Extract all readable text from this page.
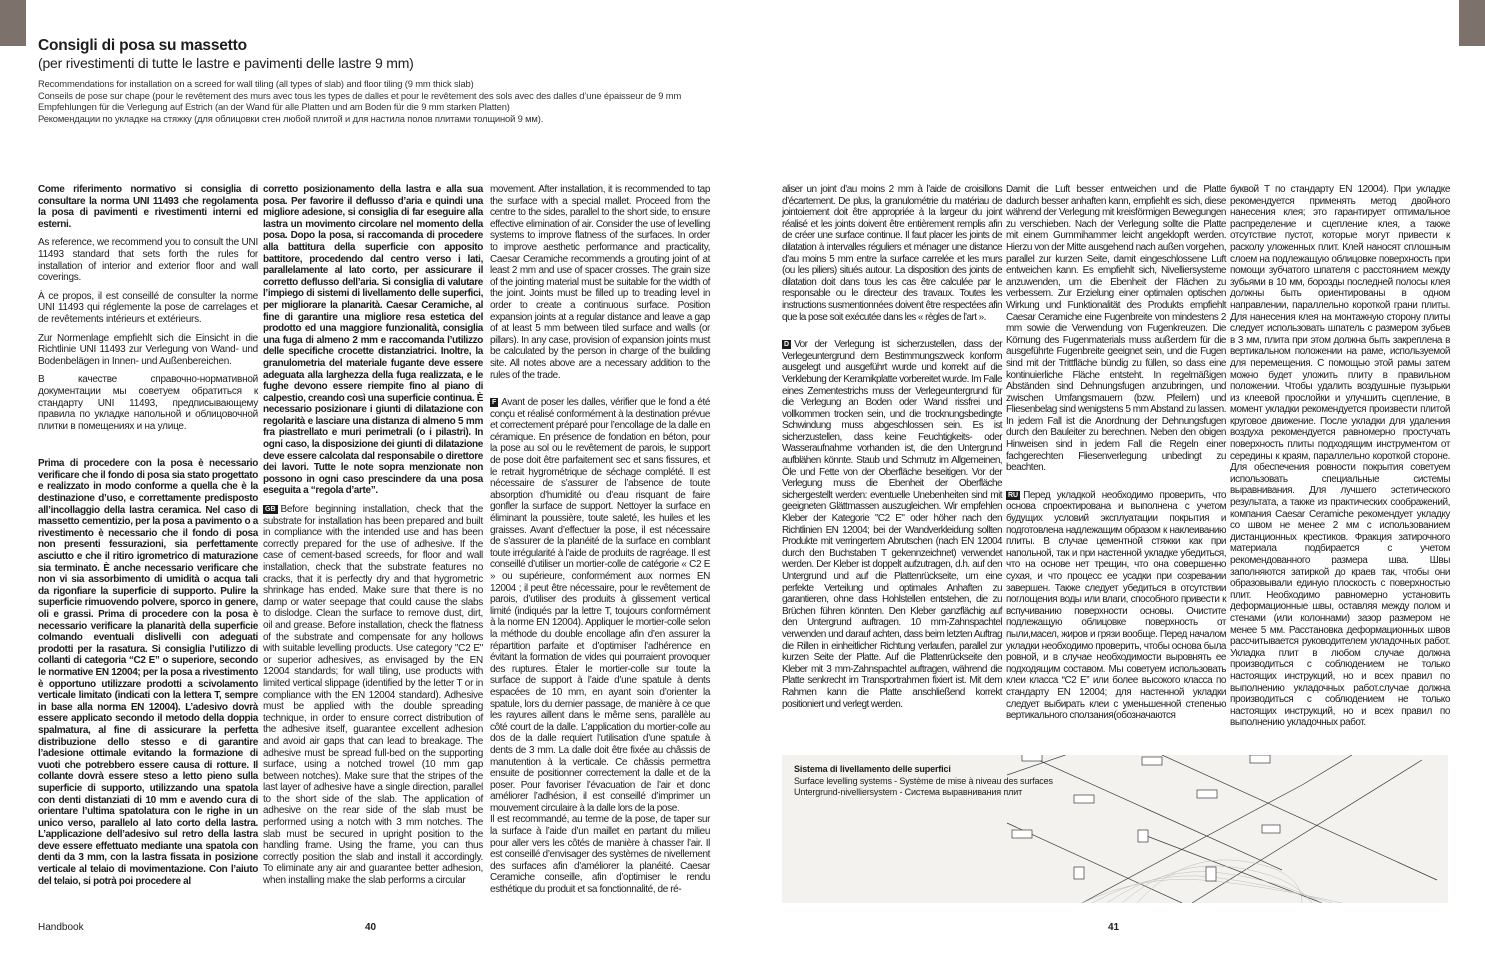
Consigli di posa su massetto
(per rivestimenti di tutte le lastre e pavimenti delle lastre 9 mm)
Recommendations for installation on a screed for wall tiling (all types of slab) and floor tiling (9 mm thick slab)
Conseils de pose sur chape (pour le revêtement des murs avec tous les types de dalles et pour le revêtement des sols avec des dalles d’une épaisseur de 9 mm
Empfehlungen für die Verlegung auf Estrich (an der Wand für alle Platten und am Boden für die 9 mm starken Platten)
Рекомендации по укладке на стяжку (для облицовки стен любой плитой и для настила полов плитами толщиной 9 мм).

Come riferimento normativo si consiglia di consultare la norma UNI 11493 che regolamenta la posa di pavimenti e rivestimenti interni ed esterni.

As reference, we recommend you to consult the UNI 11493 standard that sets forth the rules for installation of interior and exterior floor and wall coverings.

À ce propos, il est conseillé de consulter la norme UNI 11493 qui réglemente la pose de carrelages et de revêtements intérieurs et extérieurs.

Zur Normenlage empfiehlt sich die Einsicht in die Richtlinie UNI 11493 zur Verlegung von Wand- und Bodenbelägen in Innen- und Außenbereichen.

В качестве справочно-нормативной документации мы советуем обратиться к стандарту UNI 11493, предписывающему правила по укладке напольной и облицовочной плитки в помещениях и на улице.

Prima di procedere con la posa è necessario verificare che il fondo di posa sia stato progettato e realizzato in modo conforme a quella che è la destinazione d’uso, e correttamente predisposto all’incollaggio della lastra ceramica. Nel caso di massetto cementizio, per la posa a pavimento o a rivestimento è necessario che il fondo di posa non presenti fessurazioni, sia perfettamente asciutto e che il ritiro igrometrico di maturazione sia terminato. È anche necessario verificare che non vi sia assorbimento di umidità o acqua tali da rigonfiare la superficie di supporto. Pulire la superficie rimuovendo polvere, sporco in genere, oli e grassi. Prima di procedere con la posa è necessario verificare la planarità della superficie colmando eventuali dislivelli con adeguati prodotti per la rasatura. Si consiglia l’utilizzo di collanti di categoria “C2 E” o superiore, secondo le normative EN 12004; per la posa a rivestimento è opportuno utilizzare prodotti a scivolamento verticale limitato (indicati con la lettera T, sempre in base alla norma EN 12004). L’adesivo dovrà essere applicato secondo il metodo della doppia spalmatura, al fine di assicurare la perfetta distribuzione dello stesso e di garantire l’adesione ottimale evitando la formazione di vuoti che potrebbero essere causa di rotture. Il collante dovrà essere steso a letto pieno sulla superficie di supporto, utilizzando una spatola con denti distanziati di 10 mm e avendo cura di orientare l’ultima spatolatura con le righe in un unico verso, parallelo al lato corto della lastra. L’applicazione dell’adesivo sul retro della lastra deve essere effettuato mediante una spatola con denti da 3 mm, con la lastra fissata in posizione verticale al telaio di movimentazione. Con l’aiuto del telaio, si potrà poi procedere al

corretto posizionamento della lastra e alla sua posa. Per favorire il deflusso d’aria e quindi una migliore adesione, si consiglia di far eseguire alla lastra un movimento circolare nel momento della posa. Dopo la posa, si raccomanda di procedere alla battitura della superficie con apposito battitore, procedendo dal centro verso i lati, parallelamente al lato corto, per assicurare il corretto deflusso dell’aria. Si consiglia di valutare l’impiego di sistemi di livellamento delle superfici, per migliorare la planarità. Caesar Ceramiche, al fine di garantire una migliore resa estetica del prodotto ed una maggiore funzionalità, consiglia una fuga di almeno 2 mm e raccomanda l’utilizzo delle specifiche crocette distanziatrici. Inoltre, la granulometria del materiale fugante deve essere adeguata alla larghezza della fuga realizzata, e le fughe devono essere riempite fino al piano di calpestio, creando così una superficie continua. È necessario posizionare i giunti di dilatazione con regolarità e lasciare una distanza di almeno 5 mm fra piastrellato e muri perimetrali (o i pilastri). In ogni caso, la disposizione dei giunti di dilatazione deve essere calcolata dal responsabile o direttore dei lavori. Tutte le note sopra menzionate non possono in ogni caso prescindere da una posa eseguita a “regola d’arte”.

GB Before beginning installation, check that the substrate for installation has been prepared and built in compliance with the intended use and has been correctly prepared for the use of adhesive. If the case of cement-based screeds, for floor and wall installation, check that the substrate features no cracks, that it is perfectly dry and that hygrometric shrinkage has ended. Make sure that there is no damp or water seepage that could cause the slabs to dislodge. Clean the surface to remove dust, dirt, oil and grease. Before installation, check the flatness of the substrate and compensate for any hollows with suitable levelling products. Use category "C2 E" or superior adhesives, as envisaged by the EN 12004 standards; for wall tiling, use products with limited vertical slippage (identified by the letter T or in compliance with the EN 12004 standard). Adhesive must be applied with the double spreading technique, in order to ensure correct distribution of the adhesive itself, guarantee excellent adhesion and avoid air gaps that can lead to breakage. The adhesive must be spread full-bed on the supporting surface, using a notched trowel (10 mm gap between notches). Make sure that the stripes of the last layer of adhesive have a single direction, parallel to the short side of the slab. The application of adhesive on the rear side of the slab must be performed using a notch with 3 mm notches. The slab must be secured in upright position to the handling frame. Using the frame, you can thus correctly position the slab and install it accordingly. To eliminate any air and guarantee better adhesion, when installing make the slab performs a circular

movement. After installation, it is recommended to tap the surface with a special mallet. Proceed from the centre to the sides, parallel to the short side, to ensure effective elimination of air. Consider the use of levelling systems to improve flatness of the surfaces. In order to improve aesthetic performance and practicality, Caesar Ceramiche recommends a grouting joint of at least 2 mm and use of spacer crosses. The grain size of the jointing material must be suitable for the width of the joint. Joints must be filled up to treading level in order to create a continuous surface. Position expansion joints at a regular distance and leave a gap of at least 5 mm between tiled surface and walls (or pillars). In any case, provision of expansion joints must be calculated by the person in charge of the building site. All notes above are a necessary addition to the rules of the trade.

F Avant de poser les dalles, vérifier que le fond a été conçu et réalisé conformément à la destination prévue et correctement préparé pour l’encollage de la dalle en céramique. En présence de fondation en béton, pour la pose au sol ou le revêtement de parois, le support de pose doit être parfaitement sec et sans fissures, et le retrait hygrométrique de séchage complété. Il est nécessaire de s’assurer de l’absence de toute absorption d’humidité ou d’eau risquant de faire gonfler la surface de support. Nettoyer la surface en éliminant la poussière, toute saleté, les huiles et les graisses. Avant d’effectuer la pose, il est nécessaire de s’assurer de la planéité de la surface en comblant toute irrégularité à l’aide de produits de ragréage. Il est conseillé d’utiliser un mortier-colle de catégorie « C2 E » ou supérieure, conformément aux normes EN 12004 ; il peut être nécessaire, pour le revêtement de parois, d’utiliser des produits à glissement vertical limité (indiqués par la lettre T, toujours conformément à la norme EN 12004). Appliquer le mortier-colle selon la méthode du double encollage afin d’en assurer la répartition parfaite et d’optimiser l’adhérence en évitant la formation de vides qui pourraient provoquer des ruptures. Étaler le mortier-colle sur toute la surface de support à l’aide d’une spatule à dents espacées de 10 mm, en ayant soin d’orienter la spatule, lors du dernier passage, de manière à ce que les rayures aillent dans le même sens, parallèle au côté court de la dalle. L’application du mortier-colle au dos de la dalle requiert l’utilisation d’une spatule à dents de 3 mm. La dalle doit être fixée au châssis de manutention à la verticale. Ce châssis permettra ensuite de positionner correctement la dalle et de la poser. Pour favoriser l’évacuation de l’air et donc améliorer l’adhésion, il est conseillé d’imprimer un mouvement circulaire à la dalle lors de la pose.

Il est recommandé, au terme de la pose, de taper sur la surface à l’aide d’un maillet en partant du milieu pour aller vers les côtés de manière à chasser l’air. Il est conseillé d’envisager des systèmes de nivellement des surfaces afin d’améliorer la planéité. Caesar Ceramiche conseille, afin d’optimiser le rendu esthétique du produit et sa fonctionnalité, de ré-

aliser un joint d’au moins 2 mm à l’aide de croisillons d’écartement. De plus, la granulométrie du matériau de jointoiement doit être appropriée à la largeur du joint réalisé et les joints doivent être entièrement remplis afin de créer une surface continue. Il faut placer les joints de dilatation à intervalles réguliers et ménager une distance d’au moins 5 mm entre la surface carrelée et les murs (ou les piliers) situés autour. La disposition des joints de dilatation doit dans tous les cas être calculée par le responsable ou le directeur des travaux. Toutes les instructions susmentionnées doivent être respectées afin que la pose soit exécutée dans les « règles de l’art ».

D Vor der Verlegung ist sicherzustellen, dass der Verlegeuntergrund dem Bestimmungszweck konform ausgelegt und ausgeführt wurde und korrekt auf die Verklebung der Keramikplatte vorbereitet wurde. Im Falle eines Zementestrichs muss der Verlegeuntergrund für die Verlegung an Boden oder Wand rissfrei und vollkommen trocken sein, und die trocknungsbedingte Schwindung muss abgeschlossen sein. Es ist sicherzustellen, dass keine Feuchtigkeits- oder Wasseraufnahme vorhanden ist, die den Untergrund aufblähen könnte. Staub und Schmutz im Allgemeinen, Öle und Fette von der Oberfläche beseitigen. Vor der Verlegung muss die Ebenheit der Oberfläche sichergestellt werden: eventuelle Unebenheiten sind mit geeigneten Glättmassen auszugleichen. Wir empfehlen Kleber der Kategorie "C2 E" oder höher nach den Richtlinien EN 12004; bei der Wandverkleidung sollten Produkte mit verringertem Abrutschen (nach EN 12004 durch den Buchstaben T gekennzeichnet) verwendet werden. Der Kleber ist doppelt aufzutragen, d.h. auf den Untergrund und auf die Plattenrückseite, um eine perfekte Verteilung und optimales Anhaften zu garantieren, ohne dass Hohlstellen entstehen, die zu Brüchen führen könnten. Den Kleber ganzflächig auf den Untergrund auftragen. 10 mm-Zahnspachtel verwenden und darauf achten, dass beim letzten Auftrag die Rillen in einheitlicher Richtung verlaufen, parallel zur kurzen Seite der Platte. Auf die Plattenrückseite den Kleber mit 3 mm-Zahnspachtel auftragen, während die Platte senkrecht im Transportrahmen fixiert ist. Mit dem Rahmen kann die Platte anschließend korrekt positioniert und verlegt werden.

Damit die Luft besser entweichen und die Platte dadurch besser anhaften kann, empfiehlt es sich, diese während der Verlegung mit kreisförmigen Bewegungen zu verschieben. Nach der Verlegung sollte die Platte mit einem Gummihammer leicht angeklopft werden. Hierzu von der Mitte ausgehend nach außen vorgehen, parallel zur kurzen Seite, damit eingeschlossene Luft entweichen kann. Es empfiehlt sich, Nivelliersysteme anzuwenden, um die Ebenheit der Flächen zu verbessern. Zur Erzielung einer optimalen optischen Wirkung und Funktionalität des Produkts empfiehlt Caesar Ceramiche eine Fugenbreite von mindestens 2 mm sowie die Verwendung von Fugenkreuzen. Die Körnung des Fugenmaterials muss außerdem für die ausgeführte Fugenbreite geeignet sein, und die Fugen sind mit der Trittfläche bündig zu füllen, so dass eine kontinuierliche Fläche entsteht. In regelmäßigen Abständen sind Dehnungsfugen anzubringen, und zwischen Umfangsmauern (bzw. Pfeilern) und Fliesenbelag sind wenigstens 5 mm Abstand zu lassen. In jedem Fall ist die Anordnung der Dehnungsfugen durch den Bauleiter zu berechnen. Neben den obigen Hinweisen sind in jedem Fall die Regeln einer fachgerechten Fliesenverlegung unbedingt zu beachten.

RU Перед укладкой необходимо проверить, что основа спроектирована и выполнена с учетом будущих условий эксплуатации покрытия и подготовлена надлежащим образом к наклеиванию плиты. В случае цементной стяжки как при напольной, так и при настенной укладке убедиться, что на основе нет трещин, что она совершенно сухая, и что процесс ее усадки при созревании завершен. Также следует убедиться в отсутствии поглощения воды или влаги, способного привести к вспучиванию поверхности основы. Очистите подлежащую облицовке поверхность от пыли,масел, жиров и грязи вообще. Перед началом укладки необходимо проверить, чтобы основа была ровной, и в случае необходимости выровнять ее подходящим составом. Мы советуем использовать клеи класса “C2 E” или более высокого класса по стандарту EN 12004; для настенной укладки следует выбирать клеи с уменьшенной степенью вертикального сползания(обозначаются

буквой T по стандарту EN 12004). При укладке рекомендуется применять метод двойного нанесения клея; это гарантирует оптимальное распределение и сцепление клея, а также отсутствие пустот, которые могут привести к расколу уложенных плит. Клей наносят сплошным слоем на подлежащую облицовке поверхность при помощи зубчатого шпателя с расстоянием между зубьями в 10 мм, борозды последней полосы клея должны быть ориентированы в одном направлении, параллельно короткой грани плиты. Для нанесения клея на монтажную сторону плиты следует использовать шпатель с размером зубьев в 3 мм, плита при этом должна быть закреплена в вертикальном положении на раме, используемой для перемещения. С помощью этой рамы затем можно будет уложить плиту в правильном положении. Чтобы удалить воздушные пузырьки из клеевой прослойки и улучшить сцепление, в момент укладки рекомендуется произвести плитой круговое движение. После укладки для удаления воздуха рекомендуется равномерно простучать поверхность плиты подходящим инструментом от середины к краям, параллельно короткой стороне. Для обеспечения ровности покрытия советуем использовать специальные системы выравнивания. Для лучшего эстетического результата, а также из практических соображений, компания Caesar Ceramiche рекомендует укладку со швом не менее 2 мм с использованием дистанционных крестиков. Фракция затирочного материала подбирается с учетом рекомендованного размера шва. Швы заполняются затиркой до краев так, чтобы они образовывали единую плоскость с поверхностью плит. Необходимо равномерно установить деформационные швы, оставляя между полом и стенами (или колоннами) зазор размером не менее 5 мм. Расстановка деформационных швов рассчитывается руководителем укладочных работ. Укладка плит в любом случае должна производиться с соблюдением не только настоящих инструкций, но и всех правил по выполнению укладочных работ.случае должна производиться с соблюдением не только настоящих инструкций, но и всех правил по выполнению укладочных работ.

Sistema di livellamento delle superfici
Surface levelling systems - Système de mise à niveau des surfaces
Untergrund-nivelliersystem - Система выравнивания плит
Handbook	40	41
